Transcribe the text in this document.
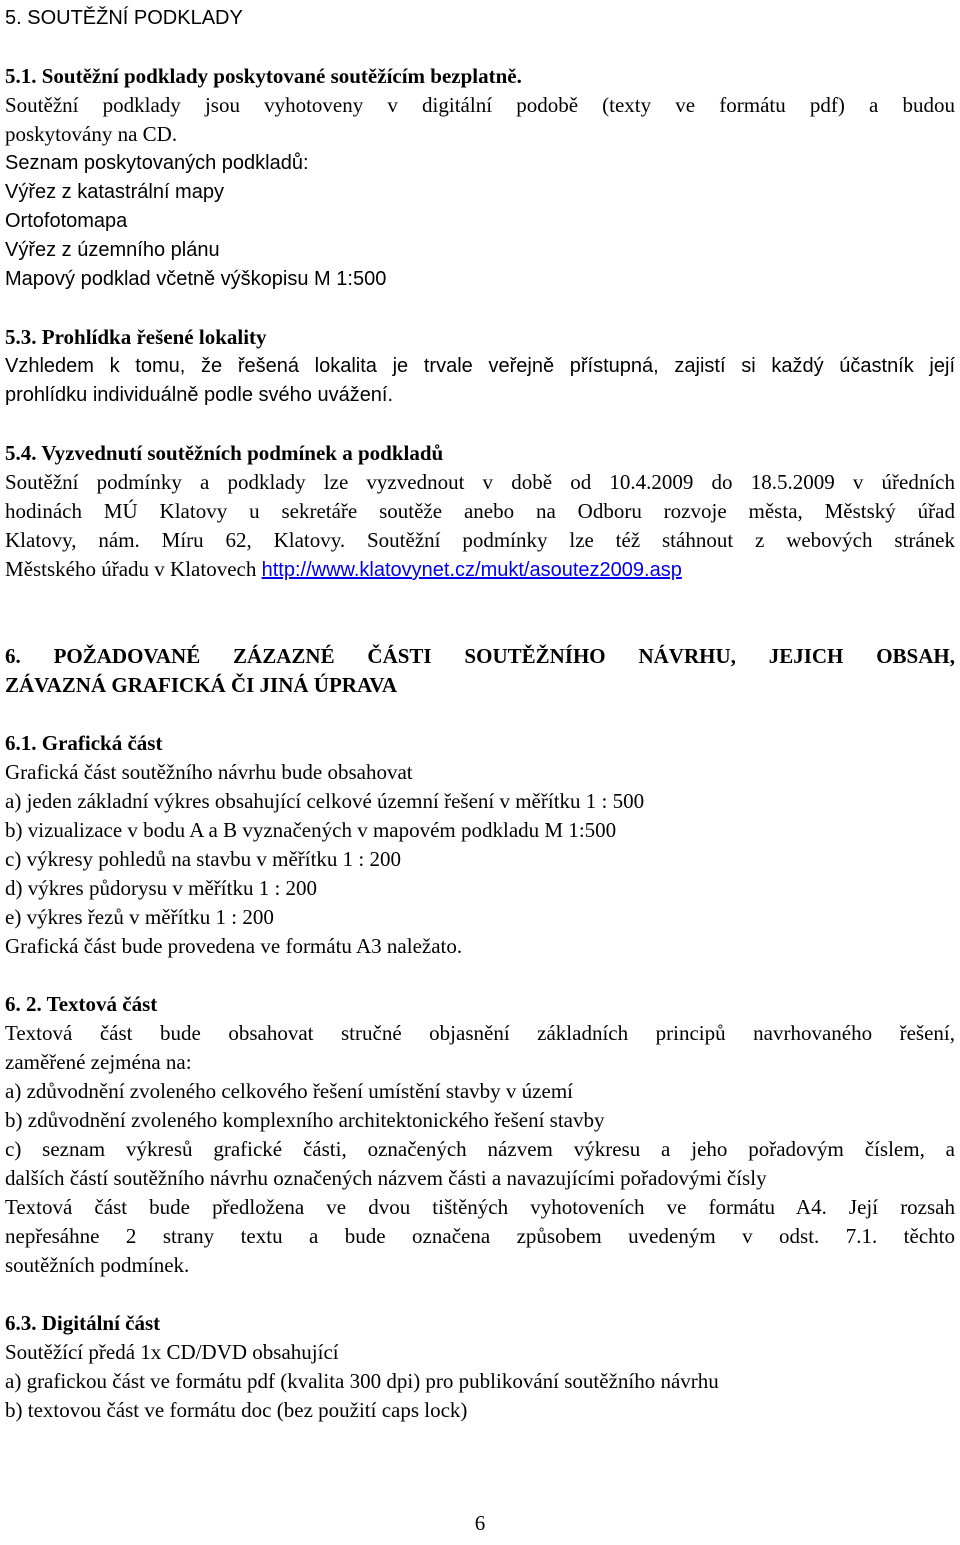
5. SOUTĚŽNÍ PODKLADY
5.1. Soutěžní podklady poskytované soutěžícím bezplatně.
Soutěžní podklady jsou vyhotoveny v digitální podobě (texty ve formátu pdf) a budou
poskytovány na CD.
Seznam poskytovaných podkladů:
Výřez z katastrální mapy
Ortofotomapa
Výřez z územního plánu
Mapový podklad včetně výškopisu M 1:500
5.3. Prohlídka řešené lokality
Vzhledem k tomu, že řešená lokalita je trvale veřejně přístupná, zajistí si každý účastník její
prohlídku individuálně podle svého uvážení.
5.4. Vyzvednutí soutěžních podmínek a podkladů
Soutěžní podmínky a podklady lze vyzvednout v době od 10.4.2009 do 18.5.2009 v úředních
hodinách MÚ Klatovy u sekretáře soutěže anebo na Odboru rozvoje města, Městský úřad
Klatovy, nám. Míru 62, Klatovy. Soutěžní podmínky lze též stáhnout z webových stránek
Městského úřadu v Klatovech http://www.klatovynet.cz/mukt/asoutez2009.asp
6. POŽADOVANÉ ZÁZAZNÉ ČÁSTI SOUTĚŽNÍHO NÁVRHU, JEJICH OBSAH,
ZÁVAZNÁ GRAFICKÁ ČI JINÁ ÚPRAVA
6.1. Grafická část
Grafická část soutěžního návrhu bude obsahovat
a) jeden základní výkres obsahující celkové územní řešení v měřítku 1 : 500
b) vizualizace v bodu A a B vyznačených v mapovém podkladu M 1:500
c) výkresy pohledů na stavbu v měřítku 1 : 200
d) výkres půdorysu v měřítku 1 : 200
e) výkres řezů v měřítku 1 : 200
Grafická část bude provedena ve formátu A3 naležato.
6. 2. Textová část
Textová část bude obsahovat stručné objasnění základních principů navrhovaného řešení,
zaměřené zejména na:
a) zdůvodnění zvoleného celkového řešení umístění stavby v území
b) zdůvodnění zvoleného komplexního architektonického řešení stavby
c) seznam výkresů grafické části, označených názvem výkresu a jeho pořadovým číslem, a
dalších částí soutěžního návrhu označených názvem části a navazujícími pořadovými čísly
Textová část bude předložena ve dvou tištěných vyhotoveních ve formátu A4. Její rozsah
nepřesáhne 2 strany textu a bude označena způsobem uvedeným v odst. 7.1. těchto
soutěžních podmínek.
6.3. Digitální část
Soutěžící předá 1x CD/DVD obsahující
a) grafickou část ve formátu pdf (kvalita 300 dpi) pro publikování soutěžního návrhu
b) textovou část ve formátu doc (bez použití caps lock)
6
